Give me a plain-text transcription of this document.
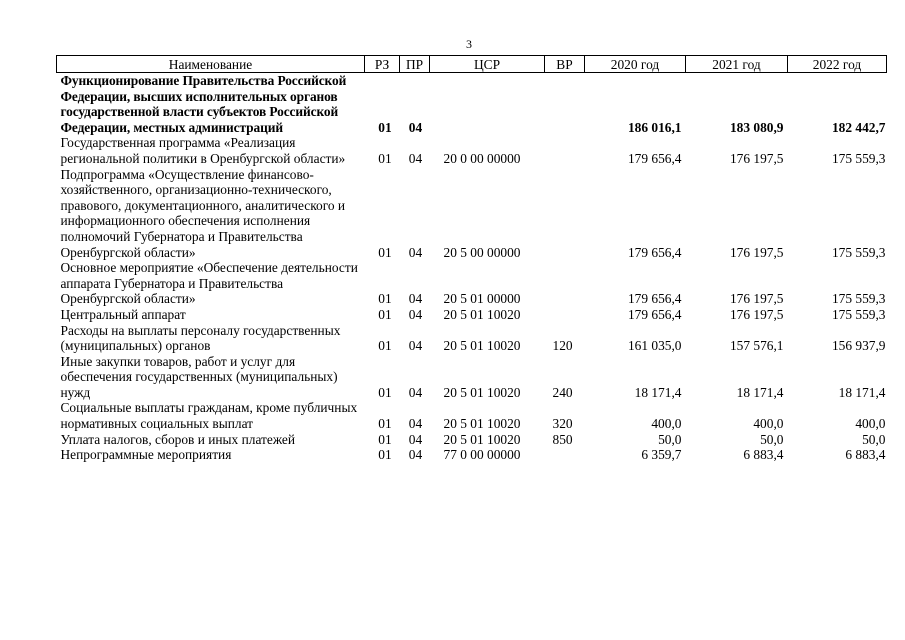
3
Наименование	РЗ	ПР	ЦСР	ВР	2020 год	2021 год	2022 год
Функционирование Правительства Российской Федерации, высших исполнительных органов государственной власти субъектов Российской Федерации, местных администраций	01	04			186 016,1	183 080,9	182 442,7
Государственная программа «Реализация региональной политики в Оренбургской области»	01	04	20 0 00 00000		179 656,4	176 197,5	175 559,3
Подпрограмма «Осуществление финансово-хозяйственного, организационно-технического, правового, документационного, аналитического и информационного обеспечения исполнения полномочий Губернатора и Правительства Оренбургской области»	01	04	20 5 00 00000		179 656,4	176 197,5	175 559,3
Основное мероприятие «Обеспечение деятельности аппарата Губернатора и Правительства Оренбургской области»	01	04	20 5 01 00000		179 656,4	176 197,5	175 559,3
Центральный аппарат	01	04	20 5 01 10020		179 656,4	176 197,5	175 559,3
Расходы на выплаты персоналу государственных (муниципальных) органов	01	04	20 5 01 10020	120	161 035,0	157 576,1	156 937,9
Иные закупки товаров, работ и услуг для обеспечения государственных (муниципальных) нужд	01	04	20 5 01 10020	240	18 171,4	18 171,4	18 171,4
Социальные выплаты гражданам, кроме публичных нормативных социальных выплат	01	04	20 5 01 10020	320	400,0	400,0	400,0
Уплата налогов, сборов и иных платежей	01	04	20 5 01 10020	850	50,0	50,0	50,0
Непрограммные мероприятия	01	04	77 0 00 00000		6 359,7	6 883,4	6 883,4
